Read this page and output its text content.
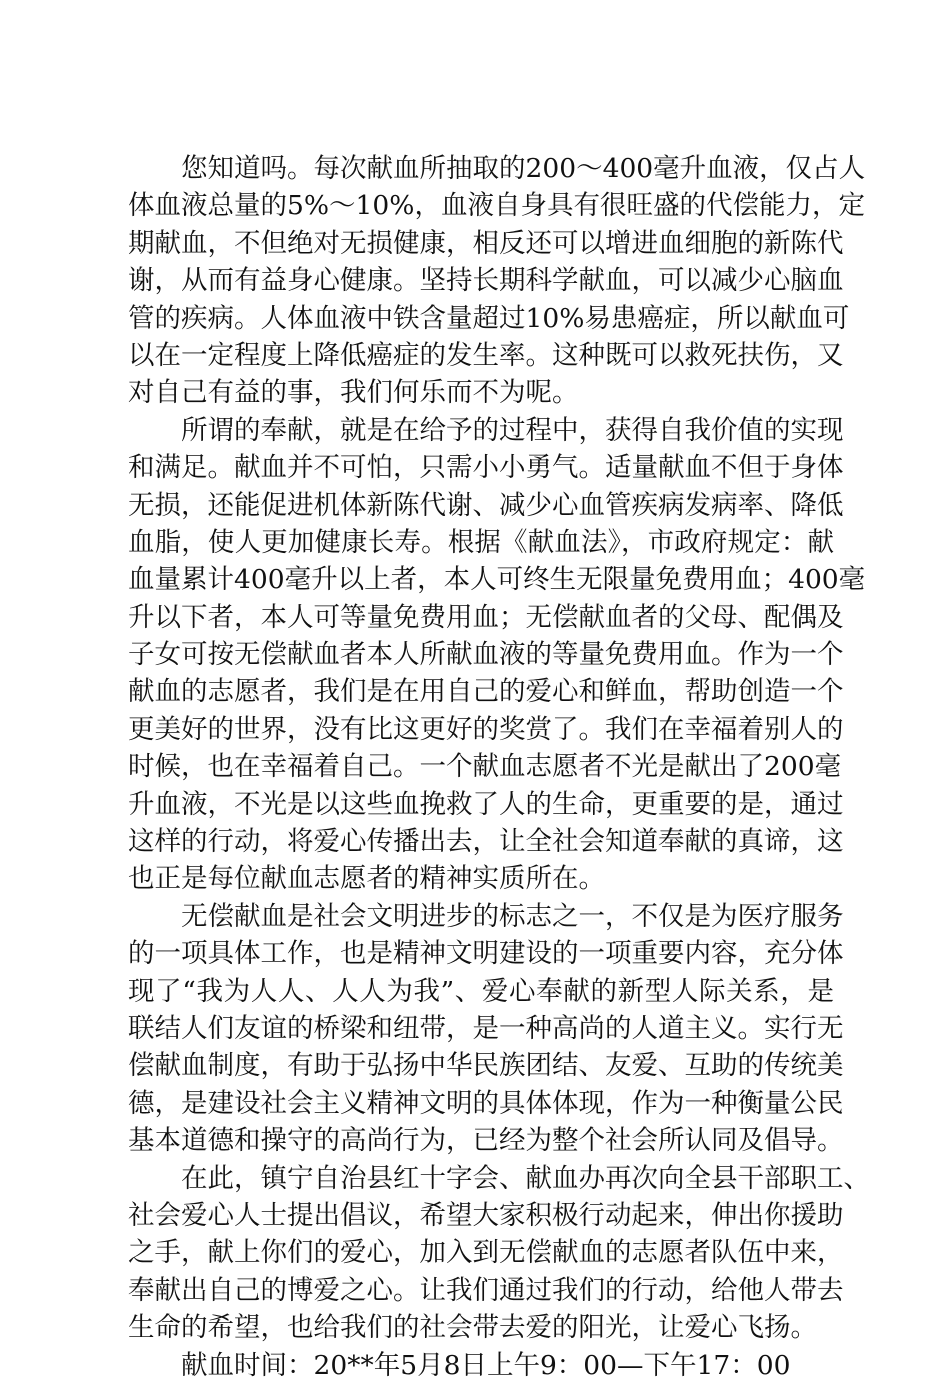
您知道吗。每次献血所抽取的200～400毫升血液，仅占人
体血液总量的5%～10%，血液自身具有很旺盛的代偿能力，定
期献血，不但绝对无损健康，相反还可以增进血细胞的新陈代
谢，从而有益身心健康。坚持长期科学献血，可以减少心脑血
管的疾病。人体血液中铁含量超过10%易患癌症，所以献血可
以在一定程度上降低癌症的发生率。这种既可以救死扶伤，又
对自己有益的事，我们何乐而不为呢。
所谓的奉献，就是在给予的过程中，获得自我价值的实现
和满足。献血并不可怕，只需小小勇气。适量献血不但于身体
无损，还能促进机体新陈代谢、减少心血管疾病发病率、降低
血脂，使人更加健康长寿。根据《献血法》，市政府规定：献
血量累计400毫升以上者，本人可终生无限量免费用血；400毫
升以下者，本人可等量免费用血；无偿献血者的父母、配偶及
子女可按无偿献血者本人所献血液的等量免费用血。作为一个
献血的志愿者，我们是在用自己的爱心和鲜血，帮助创造一个
更美好的世界，没有比这更好的奖赏了。我们在幸福着别人的
时候，也在幸福着自己。一个献血志愿者不光是献出了200毫
升血液，不光是以这些血挽救了人的生命，更重要的是，通过
这样的行动，将爱心传播出去，让全社会知道奉献的真谛，这
也正是每位献血志愿者的精神实质所在。
无偿献血是社会文明进步的标志之一，不仅是为医疗服务
的一项具体工作，也是精神文明建设的一项重要内容，充分体
现了“我为人人、人人为我”、爱心奉献的新型人际关系，是
联结人们友谊的桥梁和纽带，是一种高尚的人道主义。实行无
偿献血制度，有助于弘扬中华民族团结、友爱、互助的传统美
德，是建设社会主义精神文明的具体体现，作为一种衡量公民
基本道德和操守的高尚行为，已经为整个社会所认同及倡导。
在此，镇宁自治县红十字会、献血办再次向全县干部职工、
社会爱心人士提出倡议，希望大家积极行动起来，伸出你援助
之手，献上你们的爱心，加入到无偿献血的志愿者队伍中来，
奉献出自己的博爱之心。让我们通过我们的行动，给他人带去
生命的希望，也给我们的社会带去爱的阳光，让爱心飞扬。
献血时间：20**年5月8日上午9：00—下午17：00
